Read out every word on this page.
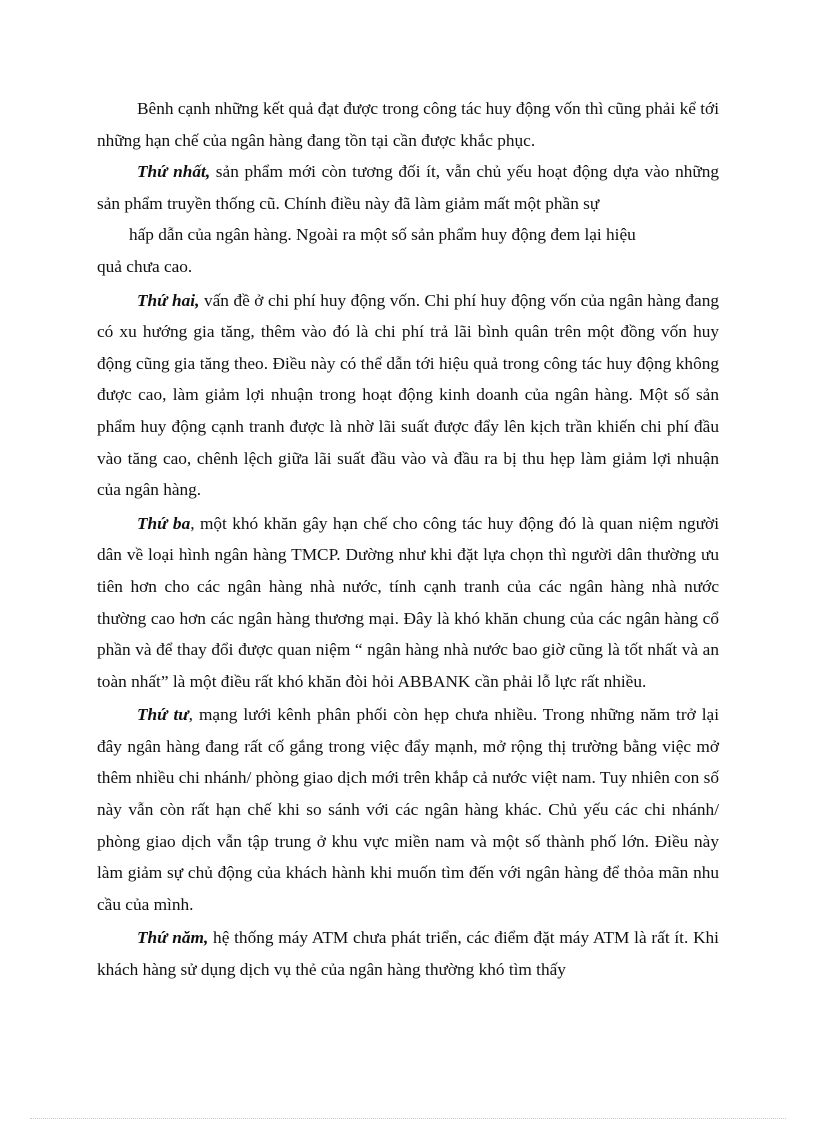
Bênh cạnh những kết quả đạt được trong công tác huy động vốn thì cũng phải kể tới những hạn chế của ngân hàng đang tồn tại cần được khắc phục.

Thứ nhất, sản phẩm mới còn tương đối ít, vẫn chủ yếu hoạt động dựa vào những sản phẩm truyền thống cũ. Chính điều này đã làm giảm mất một phần sự

hấp dẫn của ngân hàng. Ngoài ra một số sản phẩm huy động đem lại hiệu

quả chưa cao.

Thứ hai, vấn đề ở chi phí huy động vốn. Chi phí huy động vốn của ngân hàng đang có xu hướng gia tăng, thêm vào đó là chi phí trả lãi bình quân trên một đồng vốn huy động cũng gia tăng theo. Điều này có thể dẫn tới hiệu quả trong công tác huy động không được cao, làm giảm lợi nhuận trong hoạt động kinh doanh của ngân hàng. Một số sản phẩm huy động cạnh tranh được là nhờ lãi suất được đẩy lên kịch trần khiến chi phí đầu vào tăng cao, chênh lệch giữa lãi suất đầu vào và đầu ra bị thu hẹp làm giảm lợi nhuận của ngân hàng.

Thứ ba, một khó khăn gây hạn chế cho công tác huy động đó là quan niệm người dân về loại hình ngân hàng TMCP. Dường như khi đặt lựa chọn thì người dân thường ưu tiên hơn cho các ngân hàng nhà nước, tính cạnh tranh của các ngân hàng nhà nước thường cao hơn các ngân hàng thương mại. Đây là khó khăn chung của các ngân hàng cổ phần và để thay đổi được quan niệm “ ngân hàng nhà nước bao giờ cũng là tốt nhất và an toàn nhất” là một điều rất khó khăn đòi hỏi ABBANK cần phải lỗ lực rất nhiều.

Thứ tư, mạng lưới kênh phân phối còn hẹp chưa nhiều. Trong những năm trở lại đây ngân hàng đang rất cố gắng trong việc đẩy mạnh, mở rộng thị trường bằng việc mở thêm nhiều chi nhánh/ phòng giao dịch mới trên khắp cả nước việt nam. Tuy nhiên con số này vẫn còn rất hạn chế khi so sánh với các ngân hàng khác. Chủ yếu các chi nhánh/ phòng giao dịch vẫn tập trung ở khu vực miền nam và một số thành phố lớn. Điều này làm giảm sự chủ động của khách hành khi muốn tìm đến với ngân hàng để thỏa mãn nhu cầu của mình.

Thứ năm, hệ thống máy ATM chưa phát triển, các điểm đặt máy ATM là rất ít. Khi khách hàng sử dụng dịch vụ thẻ của ngân hàng thường khó tìm thấy
